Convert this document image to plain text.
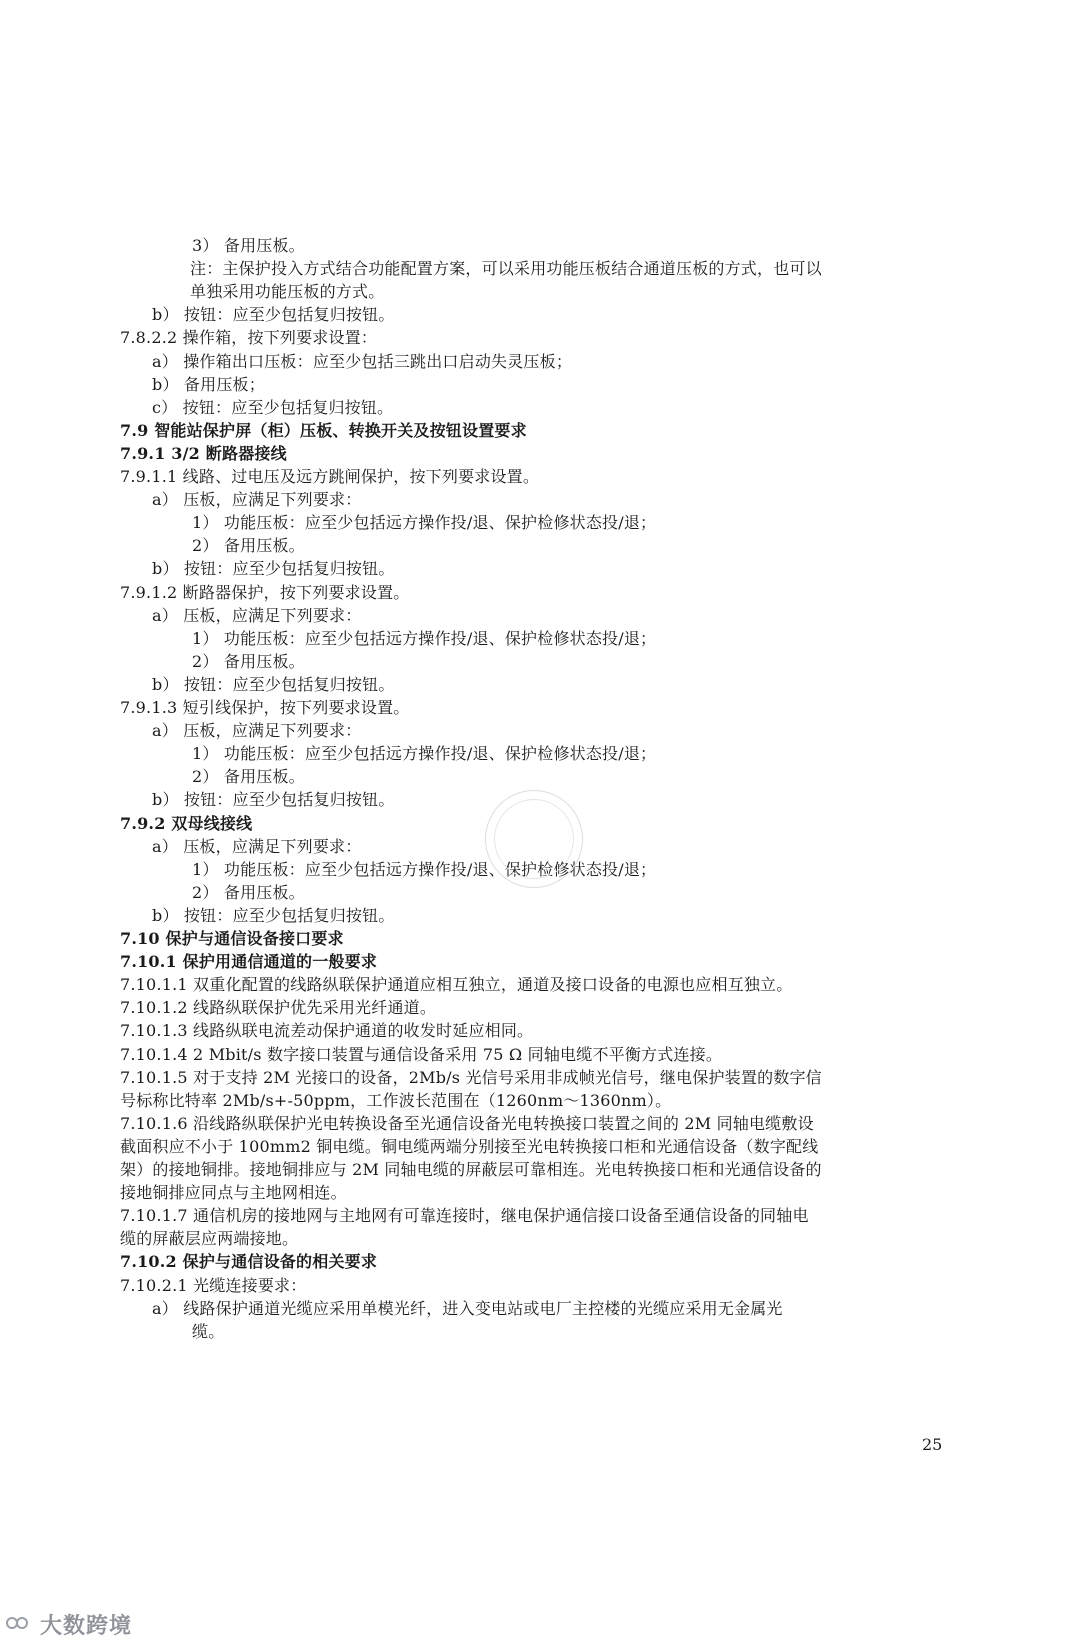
3） 备用压板。
注：主保护投入方式结合功能配置方案，可以采用功能压板结合通道压板的方式，也可以
单独采用功能压板的方式。
b） 按钮：应至少包括复归按钮。
7.8.2.2 操作箱，按下列要求设置：
a） 操作箱出口压板：应至少包括三跳出口启动失灵压板；
b） 备用压板；
c） 按钮：应至少包括复归按钮。
7.9 智能站保护屏（柜）压板、转换开关及按钮设置要求
7.9.1 3/2 断路器接线
7.9.1.1 线路、过电压及远方跳闸保护，按下列要求设置。
a） 压板，应满足下列要求：
1） 功能压板：应至少包括远方操作投/退、保护检修状态投/退；
2） 备用压板。
b） 按钮：应至少包括复归按钮。
7.9.1.2 断路器保护，按下列要求设置。
a） 压板，应满足下列要求：
1） 功能压板：应至少包括远方操作投/退、保护检修状态投/退；
2） 备用压板。
b） 按钮：应至少包括复归按钮。
7.9.1.3 短引线保护，按下列要求设置。
a） 压板，应满足下列要求：
1） 功能压板：应至少包括远方操作投/退、保护检修状态投/退；
2） 备用压板。
b） 按钮：应至少包括复归按钮。
7.9.2 双母线接线
a） 压板，应满足下列要求：
1） 功能压板：应至少包括远方操作投/退、保护检修状态投/退；
2） 备用压板。
b） 按钮：应至少包括复归按钮。
7.10 保护与通信设备接口要求
7.10.1 保护用通信通道的一般要求
7.10.1.1 双重化配置的线路纵联保护通道应相互独立，通道及接口设备的电源也应相互独立。
7.10.1.2 线路纵联保护优先采用光纤通道。
7.10.1.3 线路纵联电流差动保护通道的收发时延应相同。
7.10.1.4 2 Mbit/s 数字接口装置与通信设备采用 75 Ω 同轴电缆不平衡方式连接。
7.10.1.5 对于支持 2M 光接口的设备，2Mb/s 光信号采用非成帧光信号，继电保护装置的数字信
号标称比特率 2Mb/s+-50ppm，工作波长范围在（1260nm～1360nm）。
7.10.1.6 沿线路纵联保护光电转换设备至光通信设备光电转换接口装置之间的 2M 同轴电缆敷设
截面积应不小于 100mm2 铜电缆。铜电缆两端分别接至光电转换接口柜和光通信设备（数字配线
架）的接地铜排。接地铜排应与 2M 同轴电缆的屏蔽层可靠相连。光电转换接口柜和光通信设备的
接地铜排应同点与主地网相连。
7.10.1.7 通信机房的接地网与主地网有可靠连接时，继电保护通信接口设备至通信设备的同轴电
缆的屏蔽层应两端接地。
7.10.2 保护与通信设备的相关要求
7.10.2.1 光缆连接要求：
a） 线路保护通道光缆应采用单模光纤，进入变电站或电厂主控楼的光缆应采用无金属光
缆。
25
大数跨境
